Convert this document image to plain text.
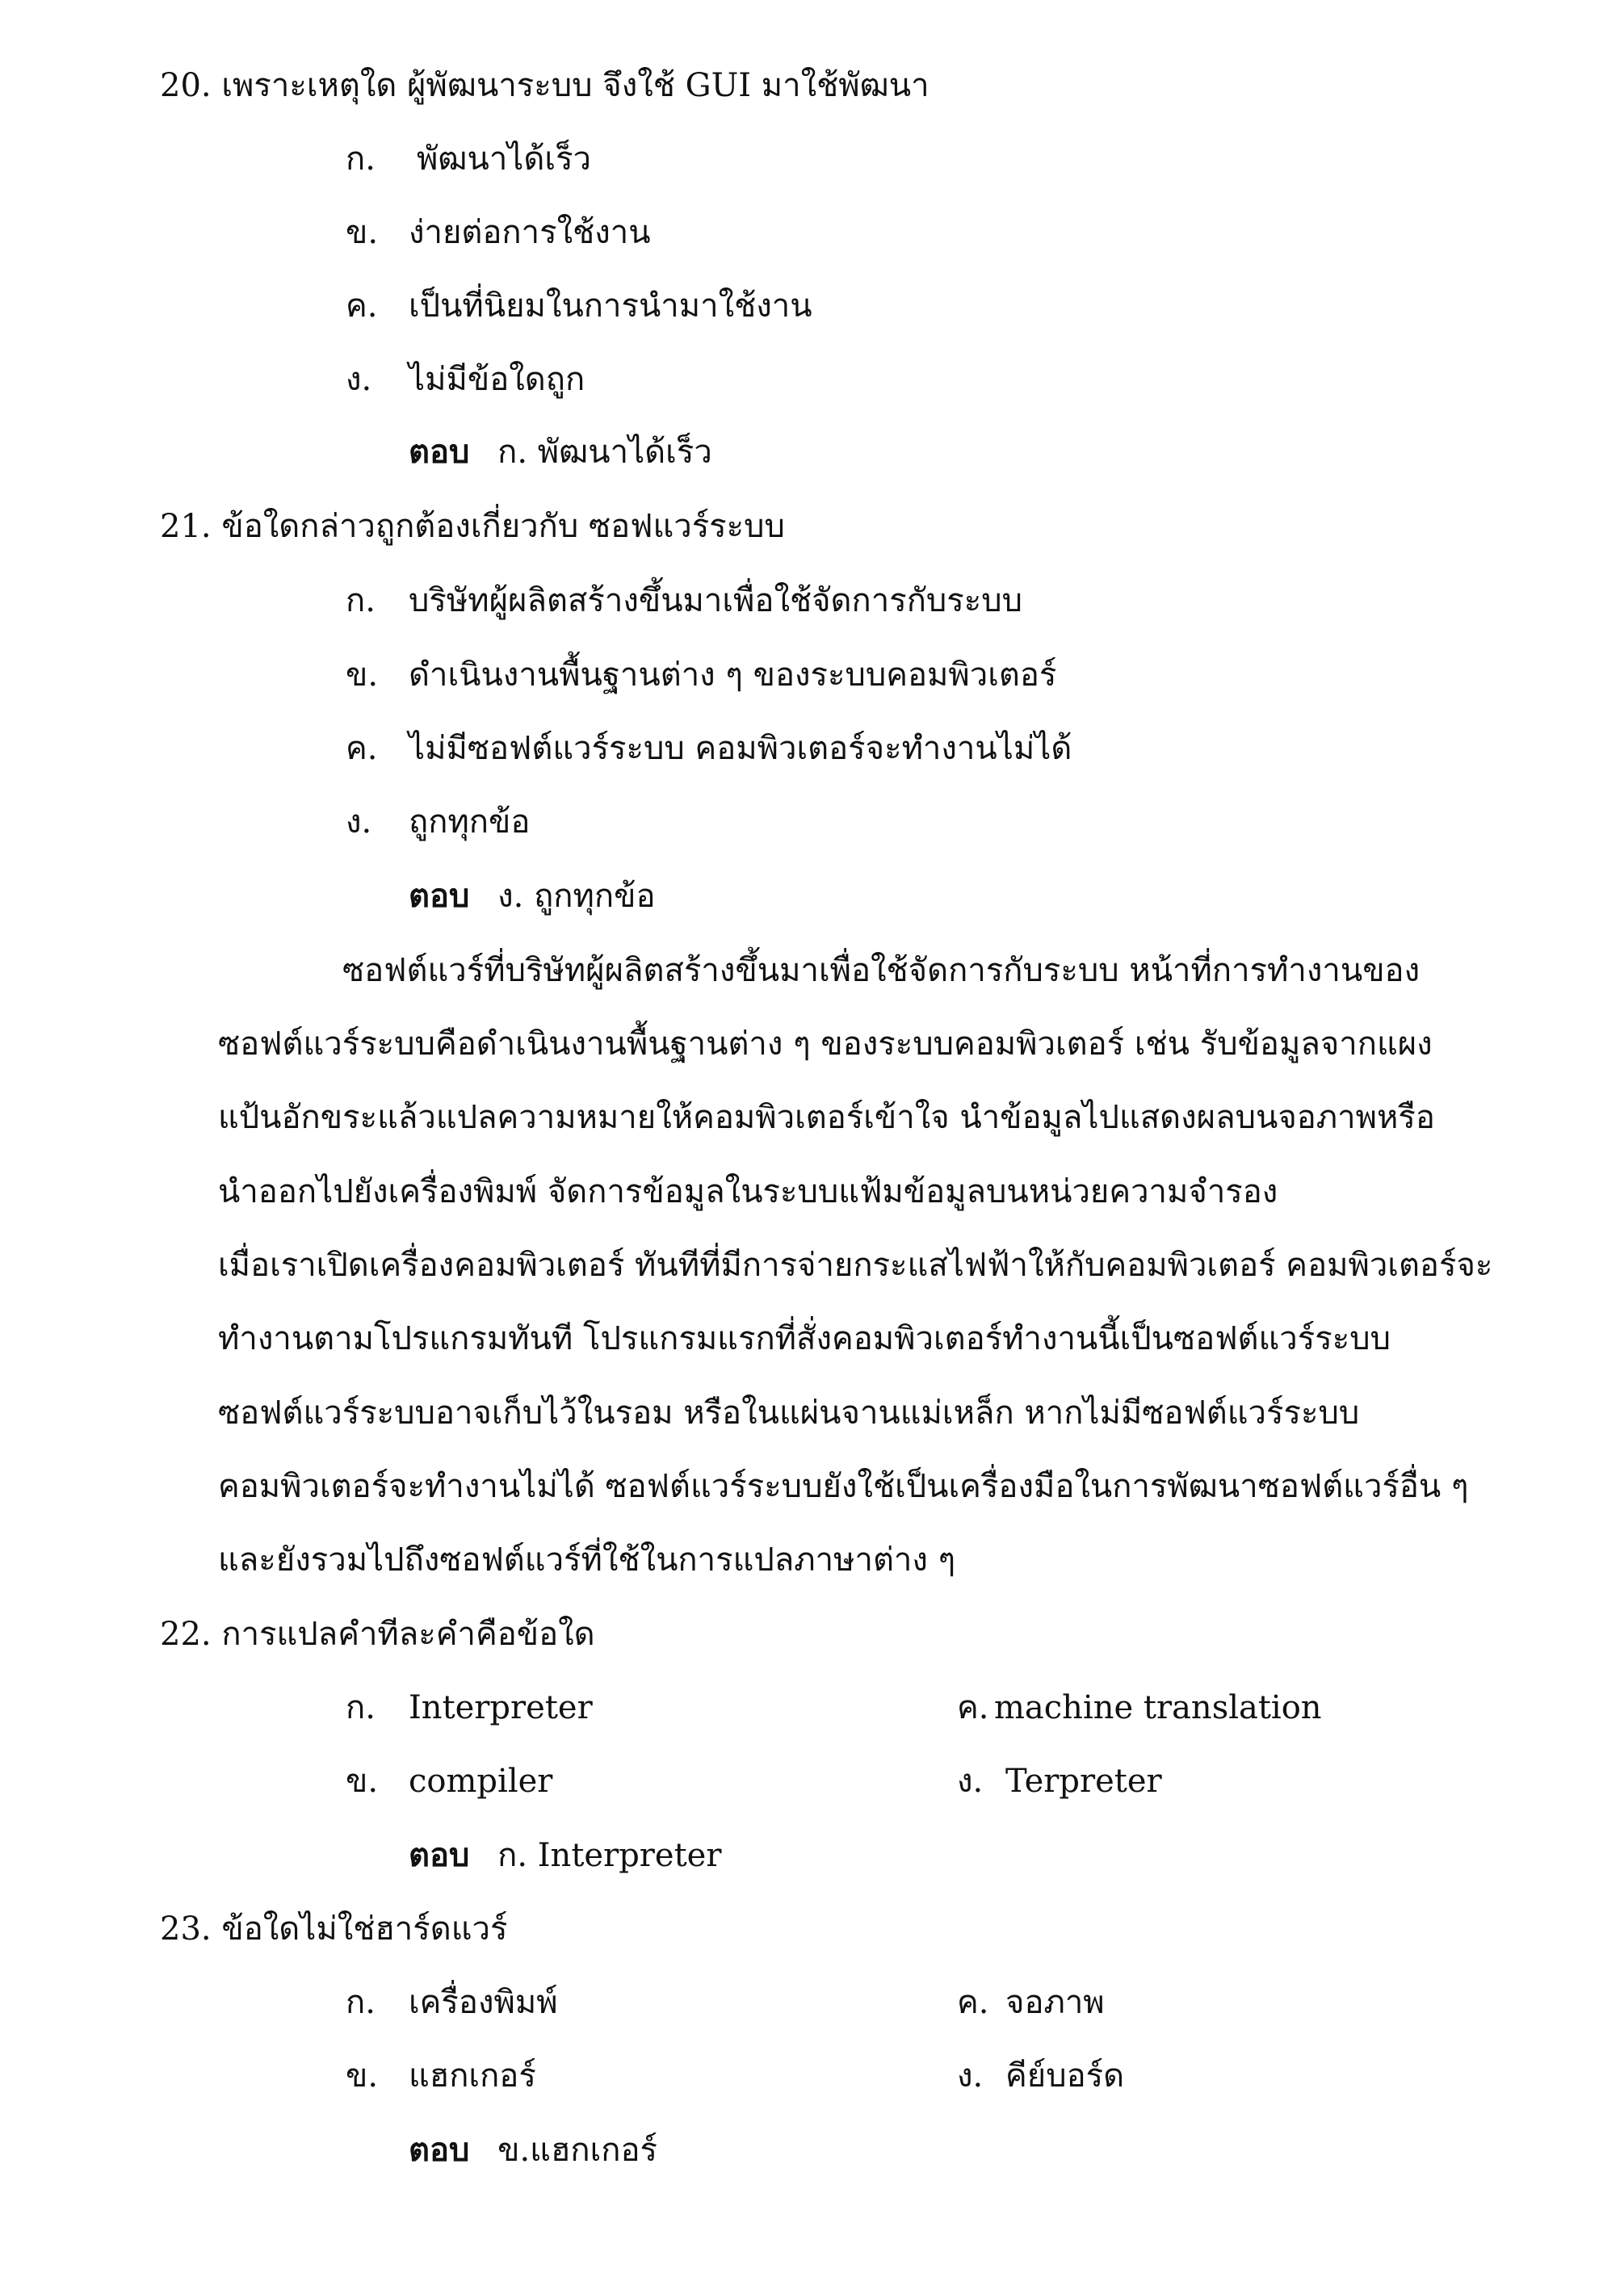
20. เพราะเหตุใด ผู้พัฒนาระบบ จึงใช้ GUI มาใช้พัฒนา
ก.	พัฒนาได้เร็ว
ข. ง่ายต่อการใช้งาน
ค. เป็นที่นิยมในการนำมาใช้งาน
ง.	ไม่มีข้อใดถูก
ตอบ ก. พัฒนาได้เร็ว
21. ข้อใดกล่าวถูกต้องเกี่ยวกับ ซอฟแวร์ระบบ
ก.	บริษัทผู้ผลิตสร้างขึ้นมาเพื่อใช้จัดการกับระบบ
ข. ดำเนินงานพื้นฐานต่าง ๆ ของระบบคอมพิวเตอร์
ค. ไม่มีซอฟต์แวร์ระบบ คอมพิวเตอร์จะทำงานไม่ได้
ง.	ถูกทุกข้อ
ตอบ ง. ถูกทุกข้อ
ซอฟต์แวร์ที่บริษัทผู้ผลิตสร้างขึ้นมาเพื่อใช้จัดการกับระบบ หน้าที่การทำงานของ
ซอฟต์แวร์ระบบคือดำเนินงานพื้นฐานต่าง ๆ ของระบบคอมพิวเตอร์ เช่น รับข้อมูลจากแผง
แป้นอักขระแล้วแปลความหมายให้คอมพิวเตอร์เข้าใจ นำข้อมูลไปแสดงผลบนจอภาพหรือ
นำออกไปยังเครื่องพิมพ์ จัดการข้อมูลในระบบแฟ้มข้อมูลบนหน่วยความจำรอง
เมื่อเราเปิดเครื่องคอมพิวเตอร์ ทันทีที่มีการจ่ายกระแสไฟฟ้าให้กับคอมพิวเตอร์ คอมพิวเตอร์จะ
ทำงานตามโปรแกรมทันที โปรแกรมแรกที่สั่งคอมพิวเตอร์ทำงานนี้เป็นซอฟต์แวร์ระบบ
ซอฟต์แวร์ระบบอาจเก็บไว้ในรอม หรือในแผ่นจานแม่เหล็ก หากไม่มีซอฟต์แวร์ระบบ
คอมพิวเตอร์จะทำงานไม่ได้ ซอฟต์แวร์ระบบยังใช้เป็นเครื่องมือในการพัฒนาซอฟต์แวร์อื่น ๆ
และยังรวมไปถึงซอฟต์แวร์ที่ใช้ในการแปลภาษาต่าง ๆ
22. การแปลคำทีละคำคือข้อใด
ก.	Interpreter	ค. machine translation
ข. compiler	ง. Terpreter
ตอบ ก. Interpreter
23. ข้อใดไม่ใช่ฮาร์ดแวร์
ก.	เครื่องพิมพ์	ค. จอภาพ
ข. แฮกเกอร์	ง. คีย์บอร์ด
ตอบ ข.แฮกเกอร์
